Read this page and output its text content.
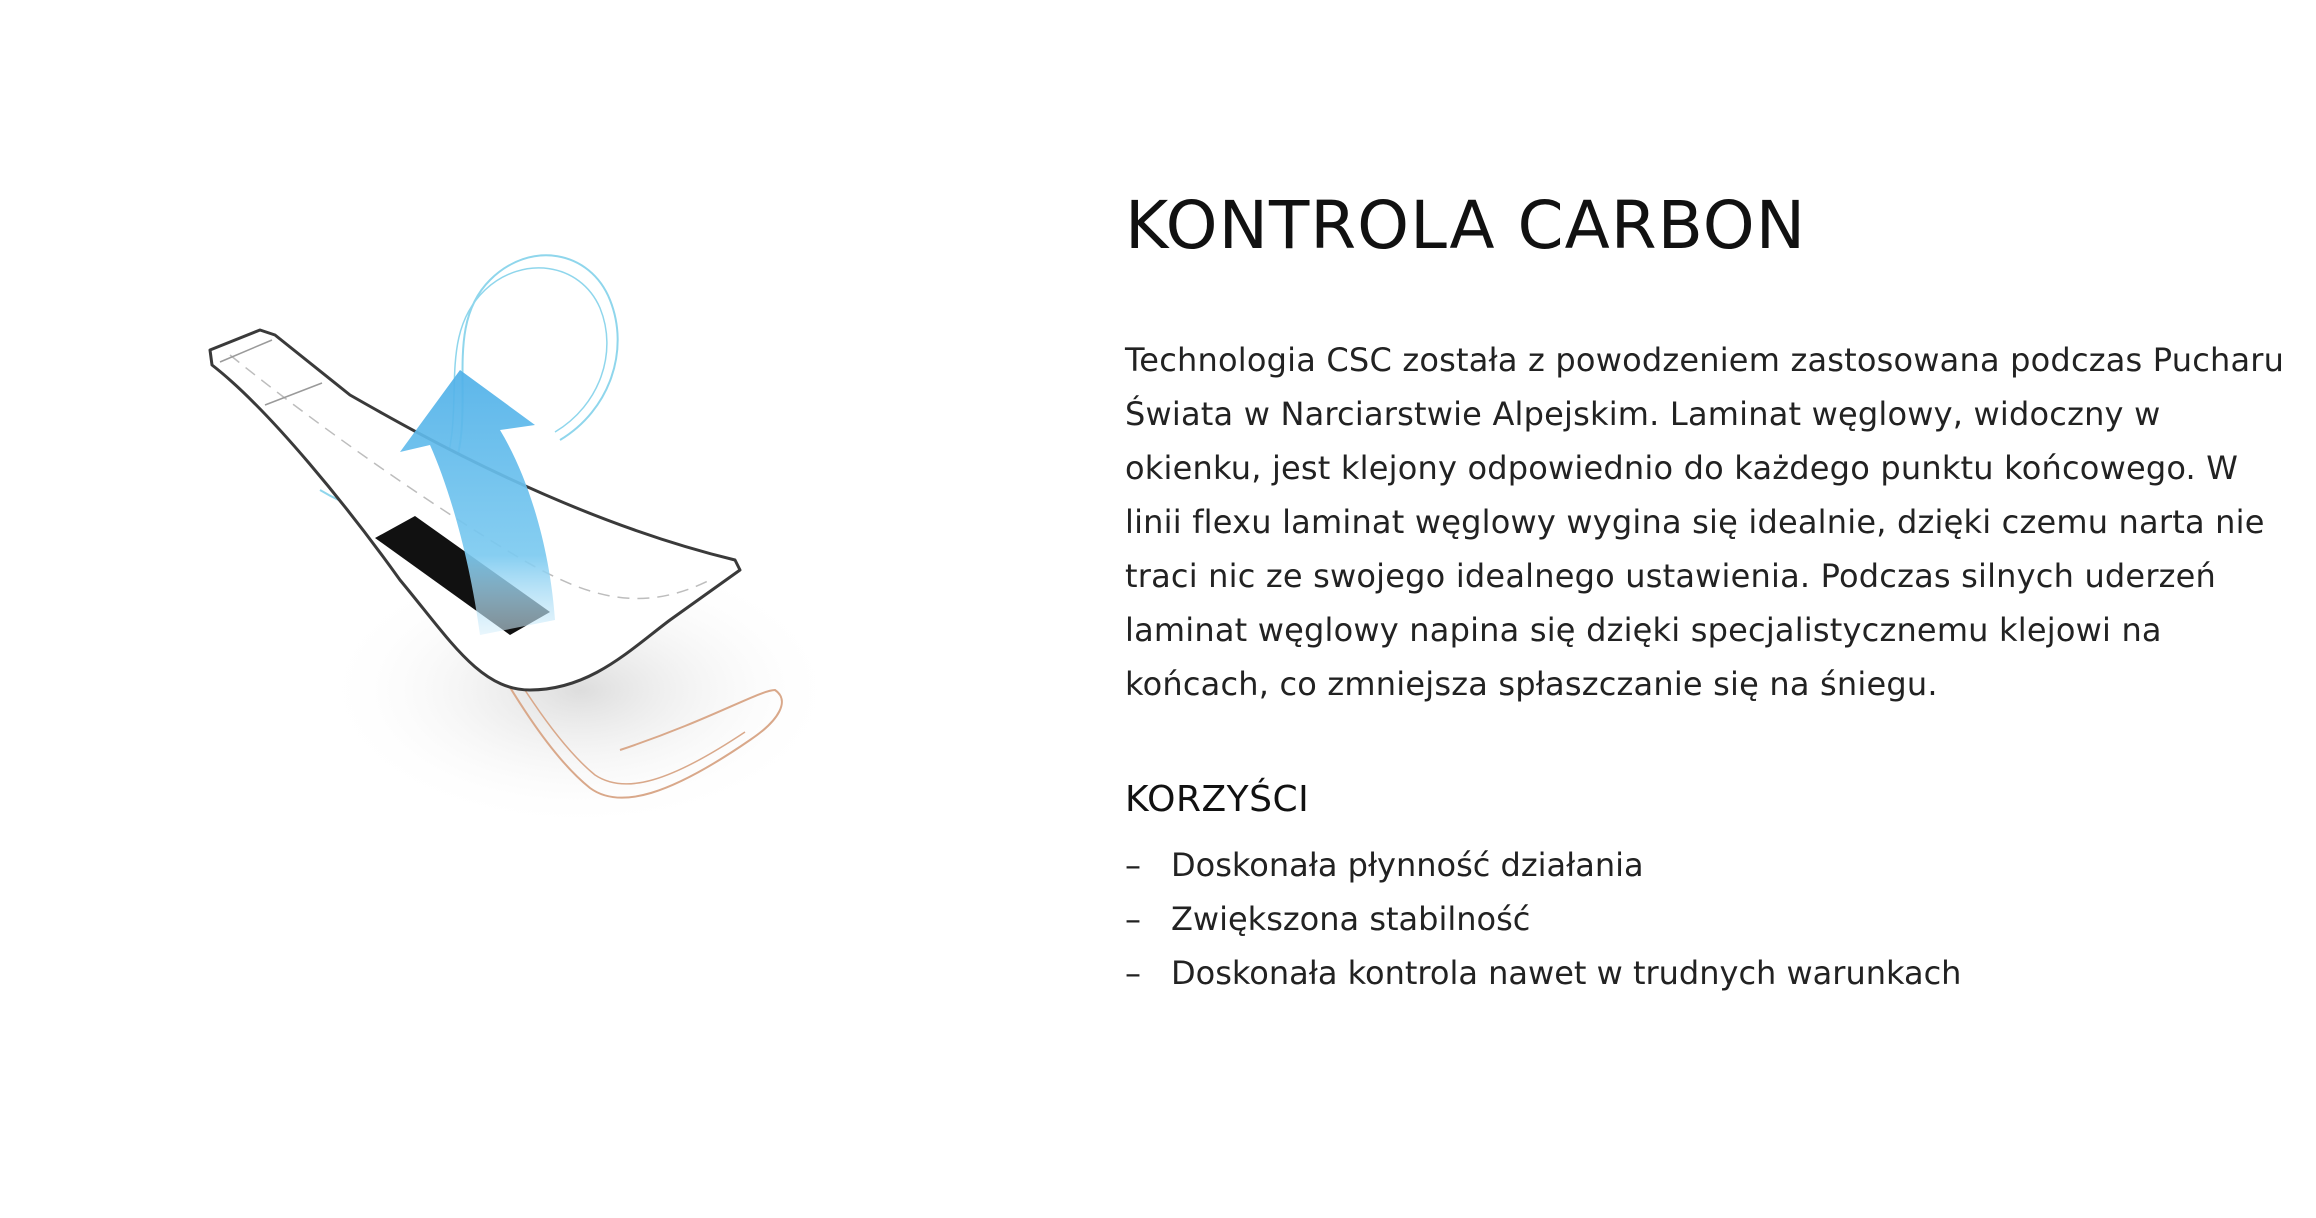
KONTROLA CARBON

Technologia CSC została z powodzeniem zastosowana podczas Pucharu Świata w Narciarstwie Alpejskim. Laminat węglowy, widoczny w okienku, jest klejony odpowiednio do każdego punktu końcowego. W linii flexu laminat węglowy wygina się idealnie, dzięki czemu narta nie traci nic ze swojego idealnego ustawienia. Podczas silnych uderzeń laminat węglowy napina się dzięki specjalistycznemu klejowi na końcach, co zmniejsza spłaszczanie się na śniegu.

KORZYŚCI
– Doskonała płynność działania
– Zwiększona stabilność
– Doskonała kontrola nawet w trudnych warunkach
